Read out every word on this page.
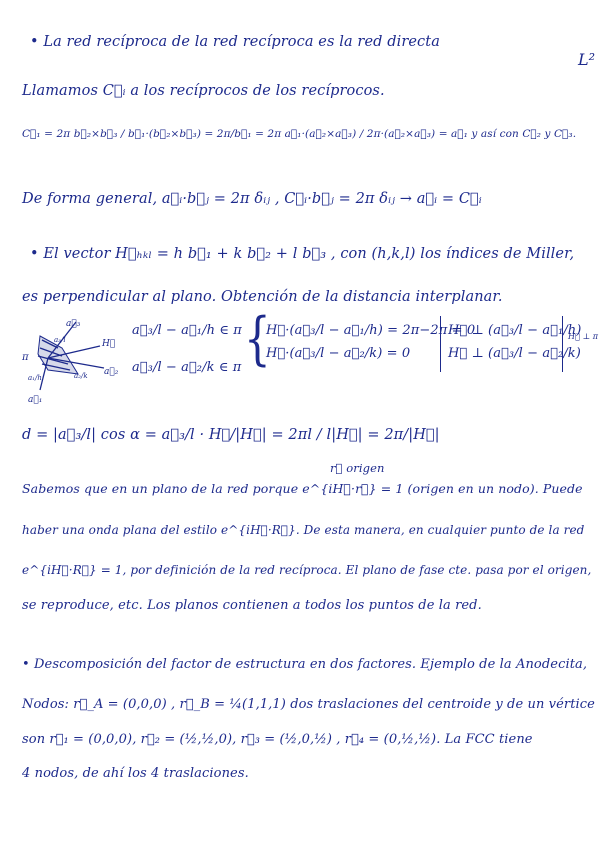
• La red recíproca de la red recíproca es la red directa
L²
Llamamos C⃗ᵢ a los recíprocos de los recíprocos.
C⃗₁ = 2π b⃗₂×b⃗₃ / b⃗₁·(b⃗₂×b⃗₃) = 2π/b⃗₁ = 2π a⃗₁·(a⃗₂×a⃗₃) / 2π·(a⃗₂×a⃗₃) = a⃗₁ y así con C⃗₂ y C⃗₃.
De forma general, a⃗ᵢ·b⃗ⱼ = 2π δᵢⱼ , C⃗ᵢ·b⃗ⱼ = 2π δᵢⱼ → a⃗ᵢ = C⃗ᵢ
• El vector H⃗ₕₖₗ = h b⃗₁ + k b⃗₂ + l b⃗₃ , con (h,k,l) los índices de Miller,
es perpendicular al plano. Obtención de la distancia interplanar.
a⃗₃
H⃗
π
a⃗₂
a⃗₁
a₂/k
a₁/h
a₃/l
a⃗₃/l − a⃗₁/h ∈ π
a⃗₃/l − a⃗₂/k ∈ π {
H⃗·(a⃗₃/l − a⃗₁/h) = 2π−2π = 0
H⃗·(a⃗₃/l − a⃗₂/k) = 0
H⃗ ⊥ (a⃗₃/l − a⃗₁/h)
H⃗ ⊥ (a⃗₃/l − a⃗₂/k)
H⃗ ⊥ π
d = |a⃗₃/l| cos α = a⃗₃/l · H⃗/|H⃗| = 2πl / l|H⃗| = 2π/|H⃗|
r⃗ origen
Sabemos que en un plano de la red porque e^{iH⃗·r⃗} = 1 (origen en un nodo). Puede
haber una onda plana del estilo e^{iH⃗·R⃗}. De esta manera, en cualquier punto de la red
e^{iH⃗·R⃗} = 1, por definición de la red recíproca. El plano de fase cte. pasa por el origen,
se reproduce, etc. Los planos contienen a todos los puntos de la red.
• Descomposición del factor de estructura en dos factores. Ejemplo de la Anodecita,
Nodos: r⃗_A = (0,0,0) , r⃗_B = ¼(1,1,1) dos traslaciones del centroide y de un vértice
son r⃗₁ = (0,0,0), r⃗₂ = (½,½,0), r⃗₃ = (½,0,½) , r⃗₄ = (0,½,½). La FCC tiene
4 nodos, de ahí los 4 traslaciones.
